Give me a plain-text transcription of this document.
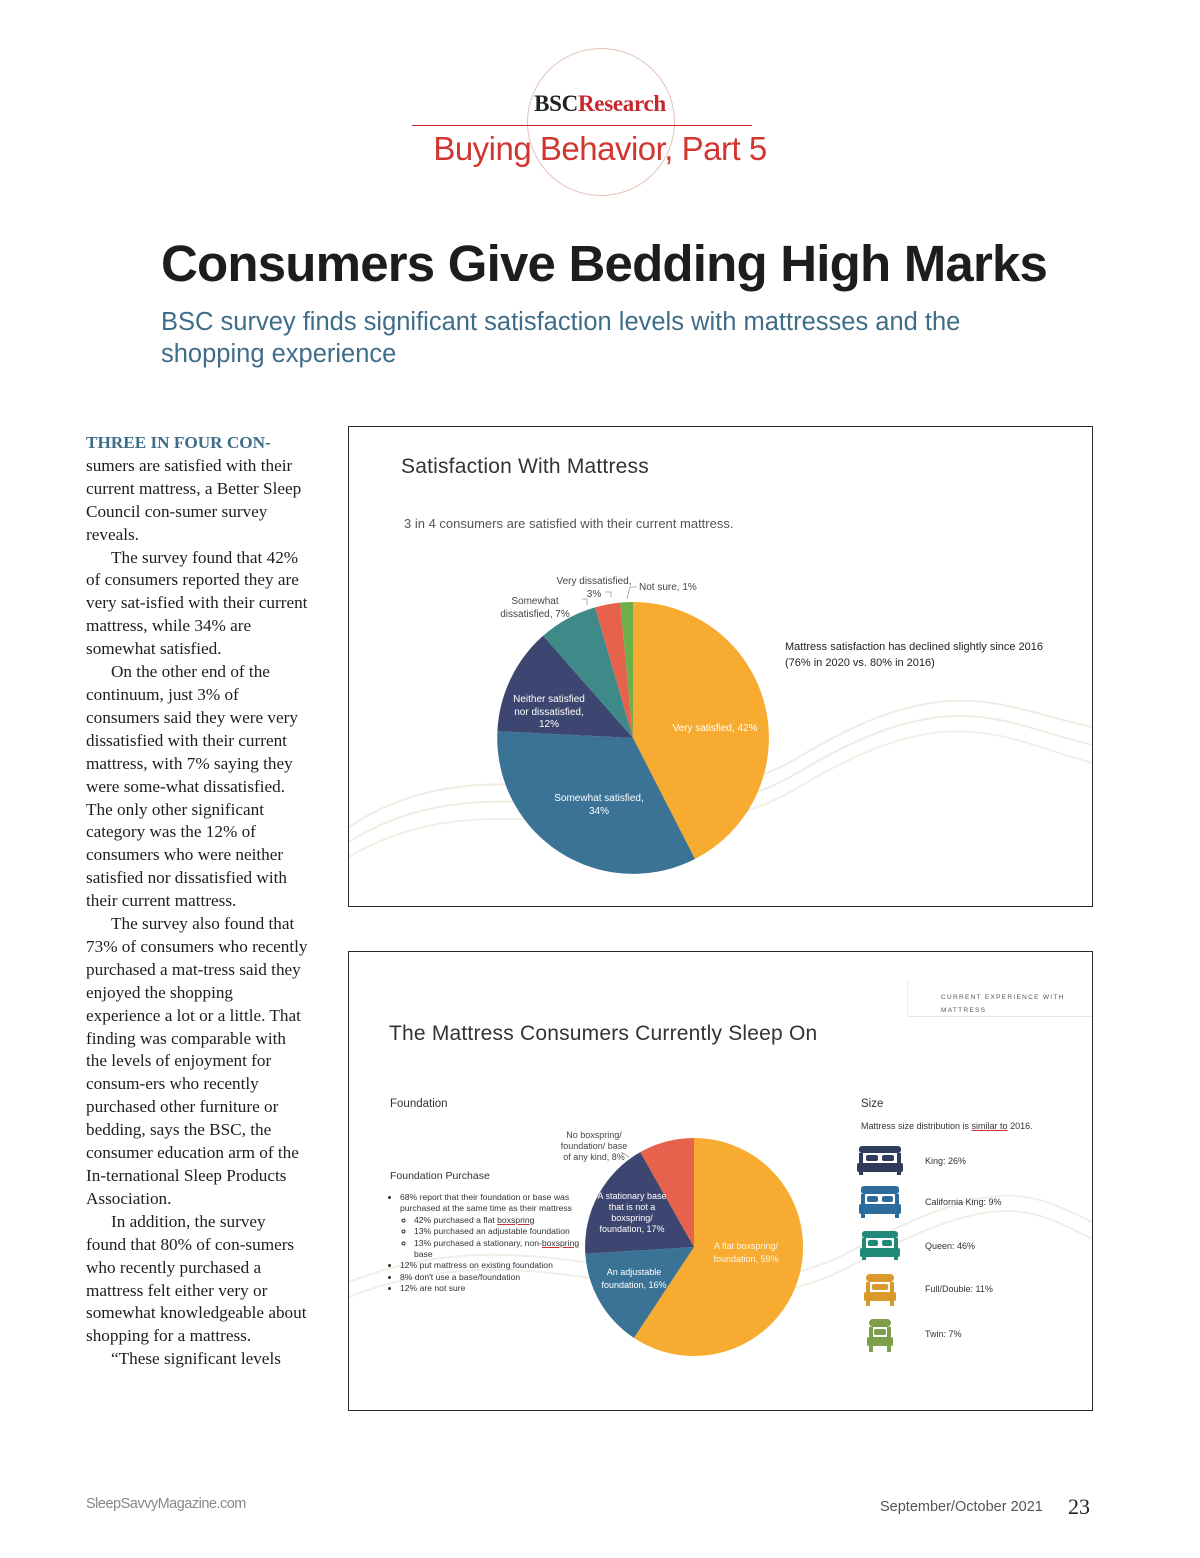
BSCResearch
Buying Behavior, Part 5
Consumers Give Bedding High Marks
BSC survey finds significant satisfaction levels with mattresses and the shopping experience

THREE IN FOUR CON-
sumers are satisfied with their current mattress, a Better Sleep Council con-sumer survey reveals.

The survey found that 42% of consumers reported they are very sat-isfied with their current mattress, while 34% are somewhat satisfied.

On the other end of the continuum, just 3% of consumers said they were very dissatisfied with their current mattress, with 7% saying they were some-what dissatisfied. The only other significant category was the 12% of consumers who were neither satisfied nor dissatisfied with their current mattress.

The survey also found that 73% of consumers who recently purchased a mat-tress said they enjoyed the shopping experience a lot or a little. That finding was comparable with the levels of enjoyment for consum-ers who recently purchased other furniture or bedding, says the BSC, the consumer education arm of the In-ternational Sleep Products Association.

In addition, the survey found that 80% of con-sumers who recently purchased a mattress felt either very or somewhat knowledgeable about shopping for a mattress.

“These significant levels

Satisfaction With Mattress
3 in 4 consumers are satisfied with their current mattress.
Very satisfied, 42%
Somewhat satisfied,
34%
Neither satisfied
nor dissatisfied,
12%
Somewhat
dissatisfied, 7%
Very dissatisfied,
3%
Not sure, 1%
Mattress satisfaction has declined slightly since 2016
(76% in 2020 vs. 80% in 2016)
CURRENT EXPERIENCE WITH MATTRESS
The Mattress Consumers Currently Sleep On
Foundation
Foundation Purchase
• 68% report that their foundation or base was purchased at the same time as their mattress
◦ 42% purchased a flat boxspring
◦ 13% purchased an adjustable foundation
◦ 13% purchased a stationary, non-boxspring base
• 12% put mattress on existing foundation
• 8% don't use a base/foundation
• 12% are not sure
A flat boxspring/
foundation, 59%
An adjustable
foundation, 16%
A stationary base
that is not a
boxspring/
foundation, 17%
No boxspring/
foundation/ base
of any kind, 8%
Size
Mattress size distribution is similar to 2016.
King: 26%
California King: 9%
Queen: 46%
Full/Double: 11%
Twin: 7%
SleepSavvyMagazine.com	September/October 2021 23
